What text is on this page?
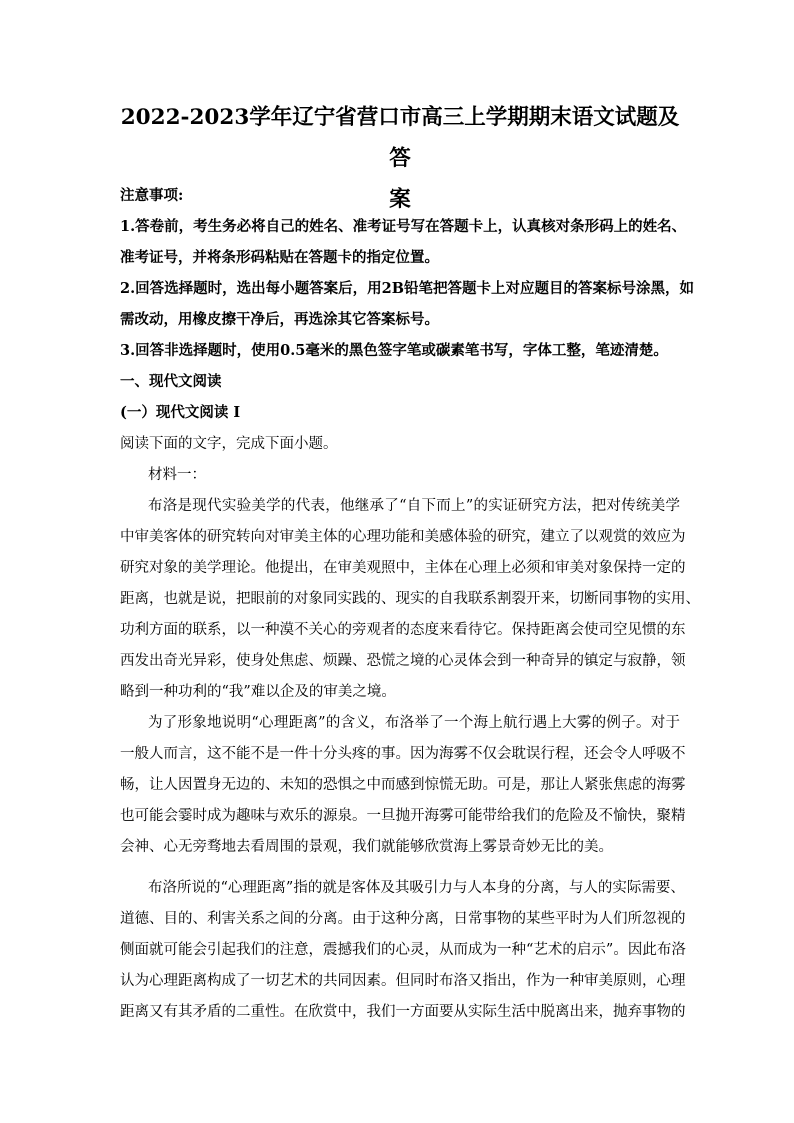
2022-2023学年辽宁省营口市高三上学期期末语文试题及答
案

注意事项:

1.答卷前，考生务必将自己的姓名、准考证号写在答题卡上，认真核对条形码上的姓名、

准考证号，并将条形码粘贴在答题卡的指定位置。

2.回答选择题时，选出每小题答案后，用2B铅笔把答题卡上对应题目的答案标号涂黑，如

需改动，用橡皮擦干净后，再选涂其它答案标号。

3.回答非选择题时，使用0.5毫米的黑色签字笔或碳素笔书写，字体工整，笔迹清楚。

一、现代文阅读

(一）现代文阅读 I

阅读下面的文字，完成下面小题。

材料一：

布洛是现代实验美学的代表，他继承了“自下而上”的实证研究方法，把对传统美学

中审美客体的研究转向对审美主体的心理功能和美感体验的研究，建立了以观赏的效应为

研究对象的美学理论。他提出，在审美观照中，主体在心理上必须和审美对象保持一定的

距离，也就是说，把眼前的对象同实践的、现实的自我联系割裂开来，切断同事物的实用、

功利方面的联系，以一种漠不关心的旁观者的态度来看待它。保持距离会使司空见惯的东

西发出奇光异彩，使身处焦虑、烦躁、恐慌之境的心灵体会到一种奇异的镇定与寂静，领

略到一种功利的“我”难以企及的审美之境。

为了形象地说明“心理距离”的含义，布洛举了一个海上航行遇上大雾的例子。对于

一般人而言，这不能不是一件十分头疼的事。因为海雾不仅会耽误行程，还会令人呼吸不

畅，让人因置身无边的、未知的恐惧之中而感到惊慌无助。可是，那让人紧张焦虑的海雾

也可能会霎时成为趣味与欢乐的源泉。一旦抛开海雾可能带给我们的危险及不愉快，聚精

会神、心无旁骛地去看周围的景观，我们就能够欣赏海上雾景奇妙无比的美。

布洛所说的“心理距离”指的就是客体及其吸引力与人本身的分离，与人的实际需要、

道德、目的、利害关系之间的分离。由于这种分离，日常事物的某些平时为人们所忽视的

侧面就可能会引起我们的注意，震撼我们的心灵，从而成为一种“艺术的启示”。因此布洛

认为心理距离构成了一切艺术的共同因素。但同时布洛又指出，作为一种审美原则，心理

距离又有其矛盾的二重性。在欣赏中，我们一方面要从实际生活中脱离出来，抛弃事物的
